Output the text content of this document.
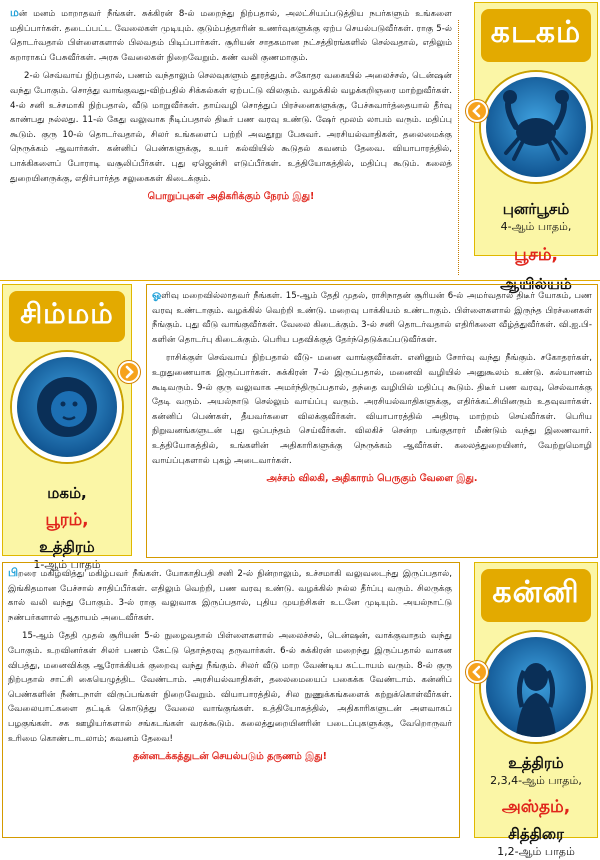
மன் மனம் மாறாதவர் நீங்கள். சுக்கிரன் 8-ல் மறைந்து நிற்பதால், அலட்சியப்படுத்திய நபர்களும் உங்களை மதிப்பார்கள். தடைப்பட்ட வேலைகள் முடியும். குடும்பத்தாரின் உணர்வுகளுக்கு ஏற்ப செயல்படுவீர்கள். ராகு 5-ல் தொடர்வதால் பிள்ளைகளால் பிலவதம் பிடிப்பார்கள். சூரியன் சாதகமான நட்சத்திரங்களில் செல்வதால், எதிலும் கறாராகப் பேசுவீர்கள். அரசு வேலைகள் நிறைவேறும். கண் வலி குணமாகும்.

2-ல் செவ்வாய் நிற்பதால், பணம் வந்தாலும் செலவுகளும் தூரத்தும். சகோதர வகையில் அலைச்சல், டென்ஷன் வந்து போகும். சொத்து வாங்குவது-விற்பதில் சிக்கல்கள் ஏற்பட்டு விலகும். வழக்கில் வழக்கறிஞரை மாற்றுவீர்கள். 4-ல் சனி உச்சமாகி நிற்பதால், வீடு மாறுவீர்கள். தாய்வழி சொத்துப் பிரச்னைகளுக்கு, பேச்சுவார்த்தையால் தீர்வு காண்பது நல்லது. 11-ல் கேது வலுவாக நீடிப்பதால் திடீர் பண வரவு உண்டு. ஷேர் மூலம் லாபம் வரும். மதிப்பு கூடும். குரு 10-ல் தொடர்வதால், சிலர் உங்களைப் பற்றி அவதூறு பேசுவர். அரசியல்வாதிகள், தலைமைக்கு நெருக்கம் ஆவார்கள். கன்னிப் பெண்களுக்கு, உயர் கல்வியில் கூடுதல் கவனம் தேவை. வியாபாரத்தில், பாக்கிகளைப் போராடி வசூலிப்பீர்கள். புது ஏஜென்சி எடுப்பீர்கள். உத்தியோகத்தில், மதிப்பு கூடும். கலைத் துறையினருக்கு, எதிர்பார்த்த சலுகைகள் கிடைக்கும்.

பொறுப்புகள் அதிகரிக்கும் நேரம் இது!
கடகம்
புனர்பூசம்
4-ஆம் பாதம்,
பூசம்,
ஆயில்யம்
சிம்மம்
மகம்,
பூரம்,
உத்திரம்
1-ஆம் பாதம்

ஓளிவு மறைவில்லாதவர் நீங்கள். 15-ஆம் தேதி முதல், ராசிநாதன் சூரியன் 6-ல் அமர்வதால் திடீர் யோகம், பண வரவு உண்டாகும். வழக்கில் வெற்றி உண்டு. மறைவு பாக்கியம் உண்டாகும். பிள்ளைகளால் இருந்த பிரச்னைகள் நீங்கும். புது வீடு வாங்குவீர்கள். வேலை கிடைக்கும். 3-ல் சனி தொடர்வதால் எதிரிகளை வீழ்த்துவீர்கள். வி.ஐ.பி-களின் தொடர்பு கிடைக்கும். பெரிய பதவிக்குத் தேர்ந்தெடுக்கப்படுவீர்கள்.

ராசிக்குள் செவ்வாய் நிற்பதால் வீடு- மனை வாங்குவீர்கள். எனினும் சோர்வு வந்து நீங்கும். சகோதரர்கள், உறுதுணையாக இருப்பார்கள். சுக்கிரன் 7-ல் இருப்பதால், மனைவி வழியில் அனுகூலம் உண்டு. கல்யாணம் கூடிவரும். 9-ல் குரு வலுவாக அமர்ந்திருப்பதால், தந்தை வழியில் மதிப்பு கூடும். திடீர் பண வரவு, செல்வாக்கு தேடி வரும். அயல்நாடு செல்லும் வாய்ப்பு வரும். அரசியல்வாதிகளுக்கு, எதிர்க்கட்சியினரும் உதவுவார்கள். கன்னிப் பெண்கள், தீயவர்களை விலக்குவீர்கள். வியாபாரத்தில் அதிரடி மாற்றம் செய்வீர்கள். பெரிய நிறுவனங்களுடன் புது ஒப்பந்தம் செய்வீர்கள். விலகிச் சென்ற பங்குதாரர் மீண்டும் வந்து இணைவார். உத்தியோகத்தில், உங்களின் அதிகாரிகளுக்கு நெருக்கம் ஆவீர்கள். கலைத்துறையினர், வேற்றுமொழி வாய்ப்புகளால் புகழ் அடைவார்கள்.

அச்சம் விலகி, அதிகாரம் பெருகும் வேளை இது.

பிறரை மகிழ்வித்து மகிழ்பவர் நீங்கள். யோகாதிபதி சனி 2-ல் நின்றாலும், உச்சமாகி வலுவடைந்து இருப்பதால், இங்கிதமான பேச்சால் சாதிப்பீர்கள். எதிலும் வெற்றி, பண வரவு உண்டு. வழக்கில் நல்ல தீர்ப்பு வரும். சிலருக்கு கால் வலி வந்து போகும். 3-ல் ராகு வலுவாக இருப்பதால், புதிய முயற்சிகள் உடனே முடியும். அயல்நாட்டு நண்பர்களால் ஆதாயம் அடைவீர்கள்.

15-ஆம் தேதி முதல் சூரியன் 5-ல் நுழைவதால் பிள்ளைகளால் அலைச்சல், டென்ஷன், வாக்குவாதம் வந்து போகும். உறவினர்கள் சிலர் பணம் கேட்டு தொந்தரவு தருவார்கள். 6-ல் சுக்கிரன் மறைந்து இருப்பதால் வாகன விபத்து, மனைவிக்கு ஆரோக்கியக் குறைவு வந்து நீங்கும். சிலர் வீடு மாற வேண்டிய கட்டாயம் வரும். 8-ல் குரு நிற்பதால் சாட்சி கையெழுத்திட வேண்டாம். அரசியல்வாதிகள், தலைமையைப் பகைக்க வேண்டாம். கன்னிப் பெண்களின் நீண்டநாள் விருப்பங்கள் நிறைவேறும். வியாபாரத்தில், சில நுணுக்கங்களைக் கற்றுக்கொள்வீர்கள். வேலையாட்களை தட்டிக் கொடுத்து வேலை வாங்குங்கள். உத்தியோகத்தில், அதிகாரிகளுடன் அளவாகப் பழகுங்கள். சக ஊழியர்களால் சங்கடங்கள் வரக்கூடும். கலைத்துறையினரின் படைப்புகளுக்கு, வேறொருவர் உரிமை கொண்டாடலாம்; கவனம் தேவை!

தன்னடக்கத்துடன் செயல்படும் தருணம் இது!
கன்னி
உத்திரம்
2,3,4-ஆம் பாதம்,
அஸ்தம்,
சித்திரை
1,2-ஆம் பாதம்
